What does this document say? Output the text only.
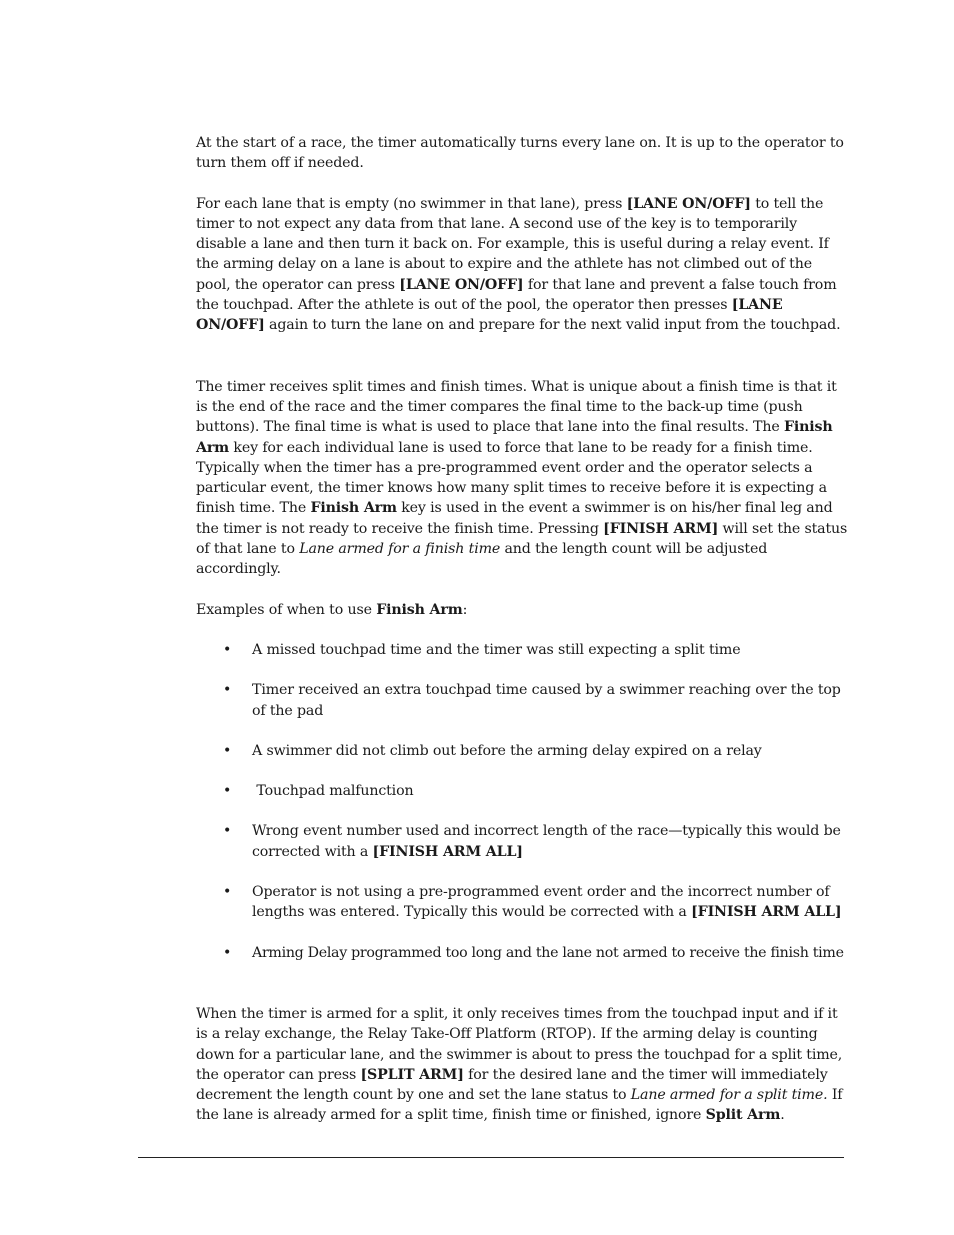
At the start of a race, the timer automatically turns every lane on. It is up to the operator to turn them off if needed.

For each lane that is empty (no swimmer in that lane), press [LANE ON/OFF] to tell the timer to not expect any data from that lane. A second use of the key is to temporarily disable a lane and then turn it back on. For example, this is useful during a relay event. If the arming delay on a lane is about to expire and the athlete has not climbed out of the pool, the operator can press [LANE ON/OFF] for that lane and prevent a false touch from the touchpad. After the athlete is out of the pool, the operator then presses [LANE ON/OFF] again to turn the lane on and prepare for the next valid input from the touchpad.

The timer receives split times and finish times. What is unique about a finish time is that it is the end of the race and the timer compares the final time to the back-up time (push buttons). The final time is what is used to place that lane into the final results. The Finish Arm key for each individual lane is used to force that lane to be ready for a finish time. Typically when the timer has a pre-programmed event order and the operator selects a particular event, the timer knows how many split times to receive before it is expecting a finish time. The Finish Arm key is used in the event a swimmer is on his/her final leg and the timer is not ready to receive the finish time. Pressing [FINISH ARM] will set the status of that lane to Lane armed for a finish time and the length count will be adjusted accordingly.

Examples of when to use Finish Arm:

• A missed touchpad time and the timer was still expecting a split time
• Timer received an extra touchpad time caused by a swimmer reaching over the top of the pad
• A swimmer did not climb out before the arming delay expired on a relay
• Touchpad malfunction
• Wrong event number used and incorrect length of the race—typically this would be corrected with a [FINISH ARM ALL]
• Operator is not using a pre-programmed event order and the incorrect number of lengths was entered. Typically this would be corrected with a [FINISH ARM ALL]
• Arming Delay programmed too long and the lane not armed to receive the finish time

When the timer is armed for a split, it only receives times from the touchpad input and if it is a relay exchange, the Relay Take-Off Platform (RTOP). If the arming delay is counting down for a particular lane, and the swimmer is about to press the touchpad for a split time, the operator can press [SPLIT ARM] for the desired lane and the timer will immediately decrement the length count by one and set the lane status to Lane armed for a split time. If the lane is already armed for a split time, finish time or finished, ignore Split Arm.
